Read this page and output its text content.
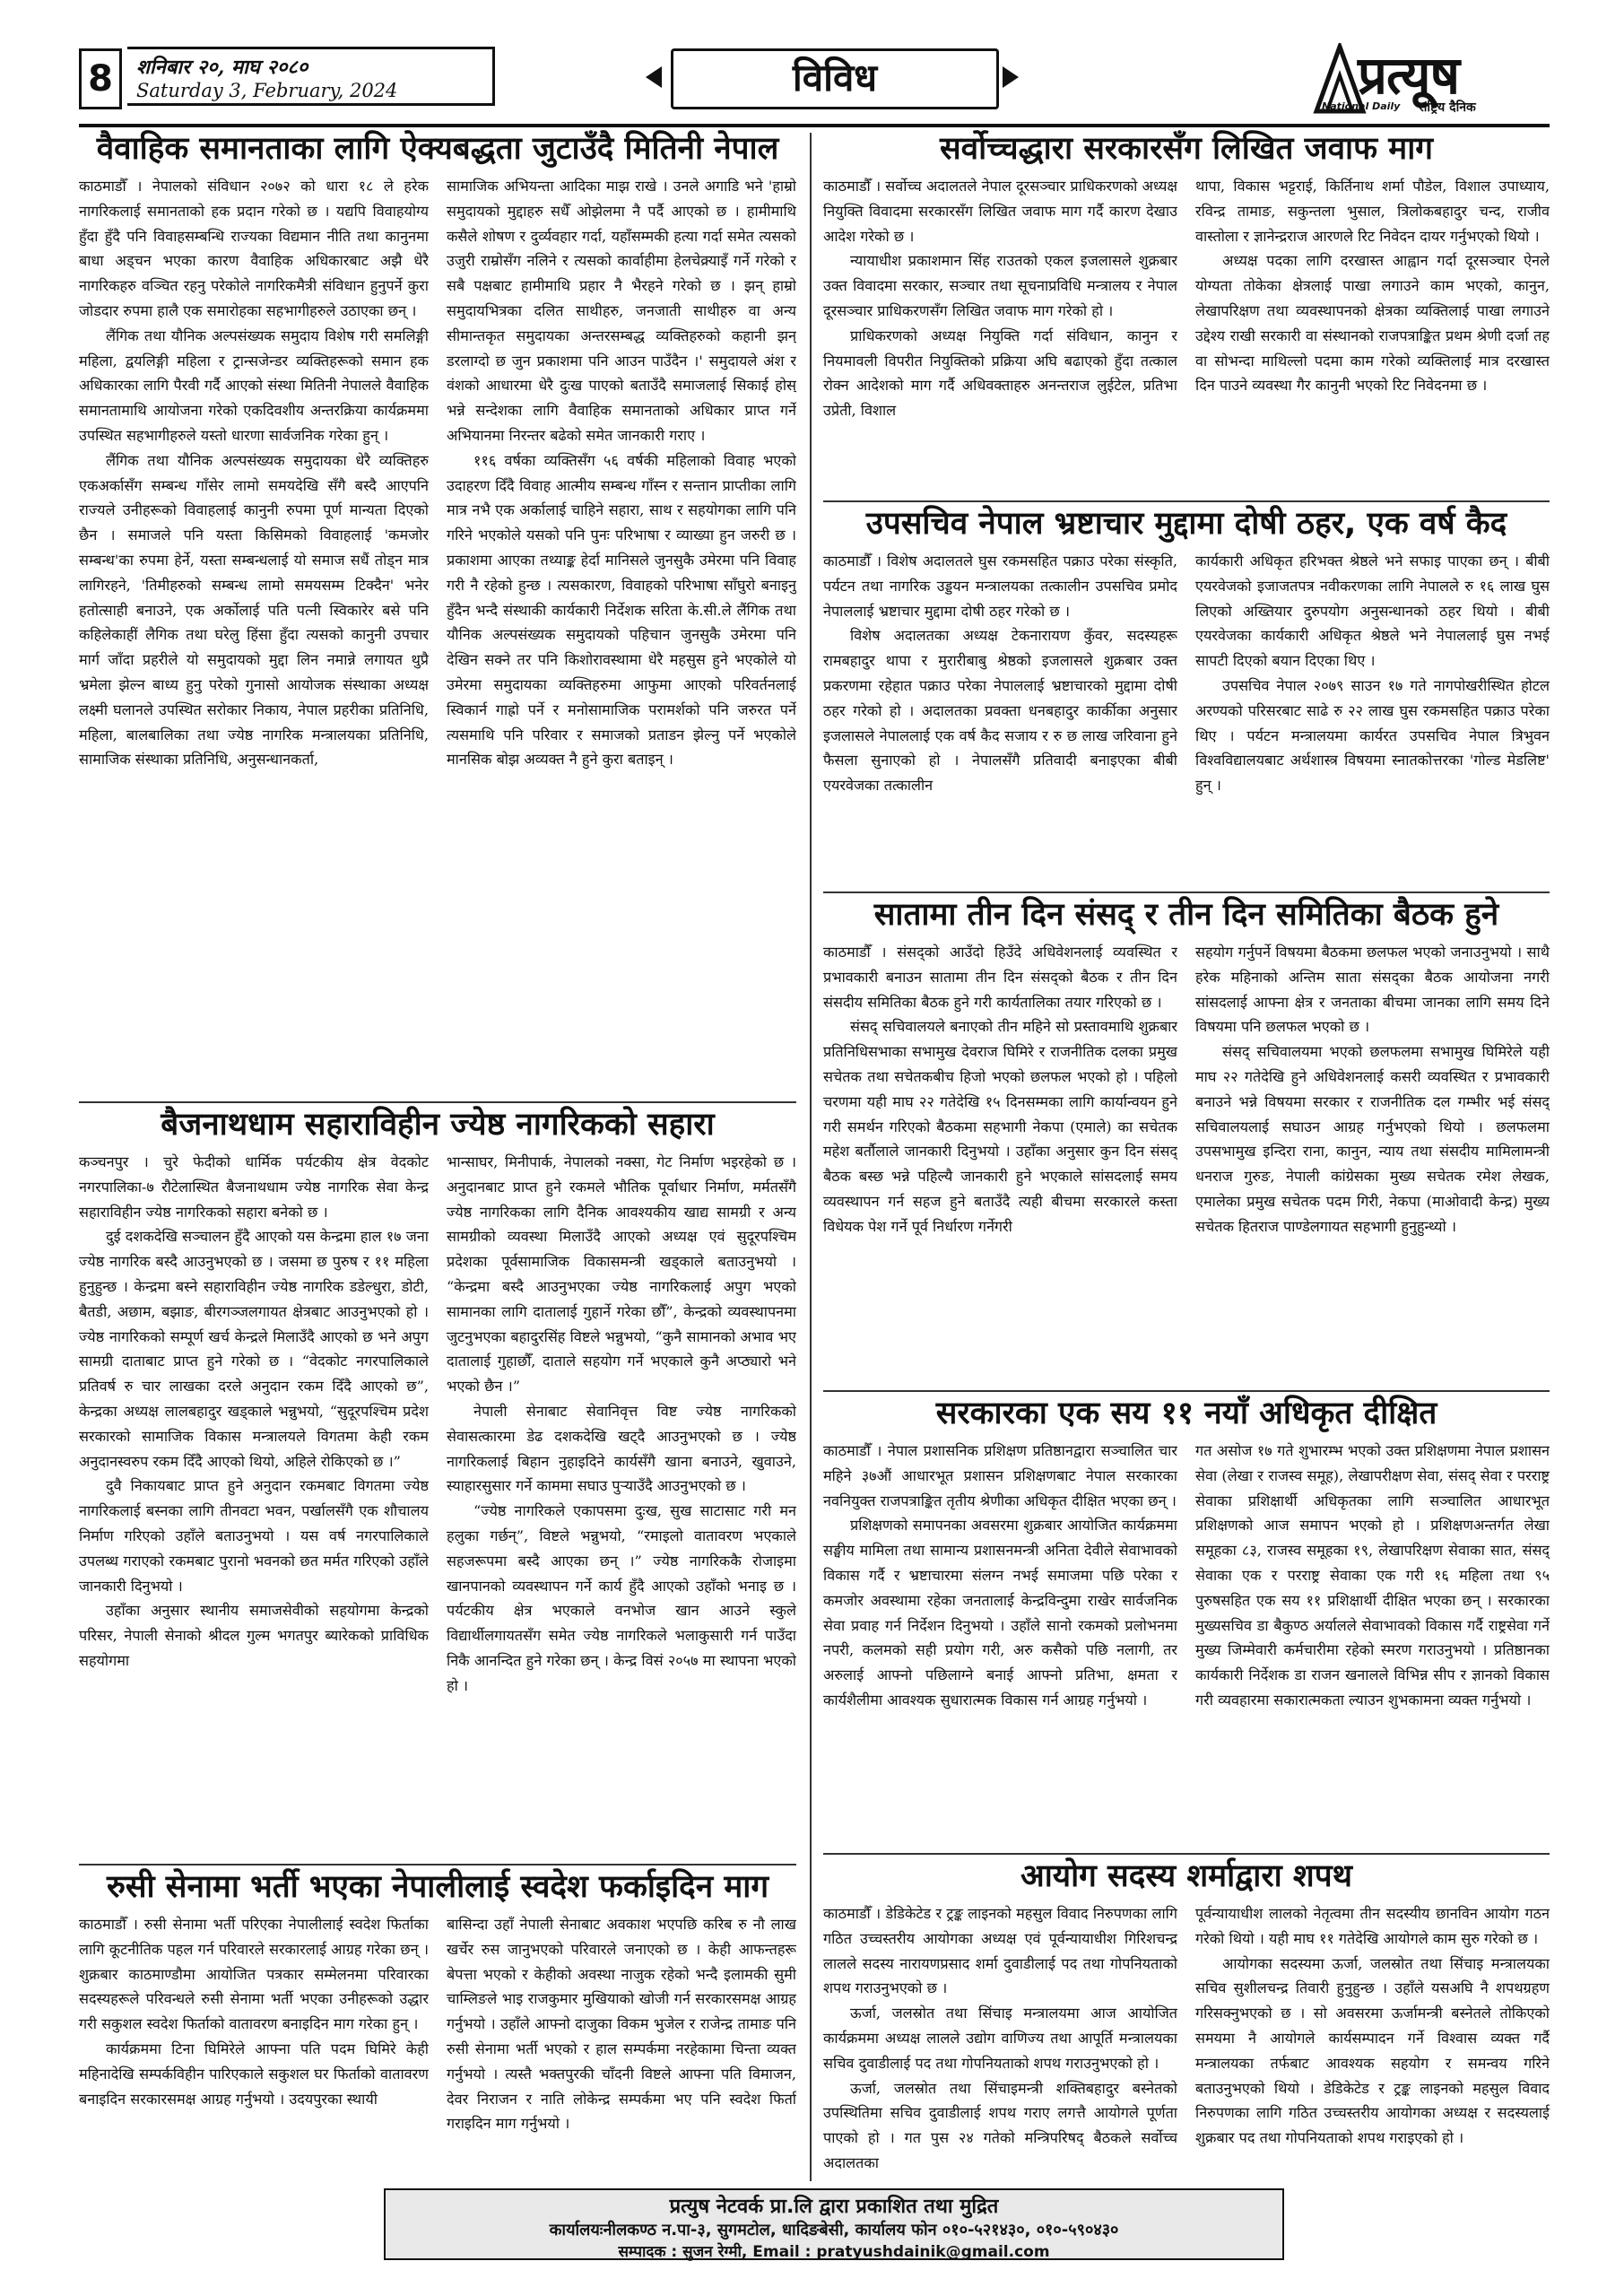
8	शनिबार २०, माघ २०८०
Saturday 3, February, 2024	विविध	प्रत्यूष
National Daily राष्ट्रिय दैनिक
वैवाहिक समानताका लागि ऐक्यबद्धता जुटाउँदै मितिनी नेपाल

काठमाडौँ । नेपालको संविधान २०७२ को धारा १८ ले हरेक नागरिकलाई समानताको हक प्रदान गरेको छ । यद्यपि विवाहयोग्य हुँदा हुँदै पनि विवाहसम्बन्धि राज्यका विद्यमान नीति तथा कानुनमा बाधा अड्चन भएका कारण वैवाहिक अधिकारबाट अझै धेरै नागरिकहरु वञ्चित रहनु परेकोले नागरिकमैत्री संविधान हुनुपर्ने कुरा जोडदार रुपमा हालै एक समारोहका सहभागीहरुले उठाएका छन् ।

लैंगिक तथा यौनिक अल्पसंख्यक समुदाय विशेष गरी समलिङ्गी महिला, द्वयलिङ्गी महिला र ट्रान्सजेन्डर व्यक्तिहरूको समान हक अधिकारका लागि पैरवी गर्दै आएको संस्था मितिनी नेपालले वैवाहिक समानतामाथि आयोजना गरेको एकदिवशीय अन्तरक्रिया कार्यक्रममा उपस्थित सहभागीहरुले यस्तो धारणा सार्वजनिक गरेका हुन् ।

लैंगिक तथा यौनिक अल्पसंख्यक समुदायका धेरै व्यक्तिहरु एकअर्कासँग सम्बन्ध गाँसेर लामो समयदेखि सँगै बस्दै आएपनि राज्यले उनीहरूको विवाहलाई कानुनी रुपमा पूर्ण मान्यता दिएको छैन । समाजले पनि यस्ता किसिमको विवाहलाई 'कमजोर सम्बन्ध'का रुपमा हेर्ने, यस्ता सम्बन्धलाई यो समाज सधैं तोड्न मात्र लागिरहने, 'तिमीहरुको सम्बन्ध लामो समयसम्म टिक्दैन' भनेर हतोत्साही बनाउने, एक अर्कोलाई पति पत्नी स्विकारेर बसे पनि कहिलेकाहीं लैगिक तथा घरेलु हिंसा हुँदा त्यसको कानुनी उपचार मार्ग जाँदा प्रहरीले यो समुदायको मुद्दा लिन नमान्ने लगायत थुप्रै भ्रमेला झेल्न बाध्य हुनु परेको गुनासो आयोजक संस्थाका अध्यक्ष लक्ष्मी घलानले उपस्थित सरोकार निकाय, नेपाल प्रहरीका प्रतिनिधि, महिला, बालबालिका तथा ज्येष्ठ नागरिक मन्त्रालयका प्रतिनिधि, सामाजिक संस्थाका प्रतिनिधि, अनुसन्धानकर्ता,

सामाजिक अभियन्ता आदिका माझ राखे । उनले अगाडि भने 'हाम्रो समुदायको मुद्दाहरु सधैँ ओझेलमा नै पर्दै आएको छ । हामीमाथि कसैले शोषण र दुर्व्यवहार गर्दा, यहाँसम्मकी हत्या गर्दा समेत त्यसको उजुरी राम्रोसँग नलिने र त्यसको कार्वाहीमा हेलचेक्र्याइँ गर्ने गरेको र सबै पक्षबाट हामीमाथि प्रहार नै भैरहने गरेको छ । झन् हाम्रो समुदायभित्रका दलित साथीहरु, जनजाती साथीहरु वा अन्य सीमान्तकृत समुदायका अन्तरसम्बद्ध व्यक्तिहरुको कहानी झन् डरलाग्दो छ जुन प्रकाशमा पनि आउन पाउँदैन ।' समुदायले अंश र वंशको आधारमा धेरै दुःख पाएको बताउँदै समाजलाई सिकाई होस् भन्ने सन्देशका लागि वैवाहिक समानताको अधिकार प्राप्त गर्ने अभियानमा निरन्तर बढेको समेत जानकारी गराए ।

११६ वर्षका व्यक्तिसँग ५६ वर्षकी महिलाको विवाह भएको उदाहरण दिँदै विवाह आत्मीय सम्बन्ध गाँस्न र सन्तान प्राप्तीका लागि मात्र नभै एक अर्कालाई चाहिने सहारा, साथ र सहयोगका लागि पनि गरिने भएकोले यसको पनि पुनः परिभाषा र व्याख्या हुन जरुरी छ । प्रकाशमा आएका तथ्याङ्क हेर्दा मानिसले जुनसुकै उमेरमा पनि विवाह गरी नै रहेको हुन्छ । त्यसकारण, विवाहको परिभाषा साँघुरो बनाइनु हुँदैन भन्दै संस्थाकी कार्यकारी निर्देशक सरिता के.सी.ले लैंगिक तथा यौनिक अल्पसंख्यक समुदायको पहिचान जुनसुकै उमेरमा पनि देखिन सक्ने तर पनि किशोरावस्थामा धेरै महसुस हुने भएकोले यो उमेरमा समुदायका व्यक्तिहरुमा आफुमा आएको परिवर्तनलाई स्विकार्न गाह्रो पर्ने र मनोसामाजिक परामर्शको पनि जरुरत पर्ने त्यसमाथि पनि परिवार र समाजको प्रताडन झेल्नु पर्ने भएकोले मानसिक बोझ अव्यक्त नै हुने कुरा बताइन् ।

बैजनाथधाम सहाराविहीन ज्येष्ठ नागरिकको सहारा

कञ्चनपुर । चुरे फेदीको धार्मिक पर्यटकीय क्षेत्र वेदकोट नगरपालिका-७ रौटेलास्थित बैजनाथधाम ज्येष्ठ नागरिक सेवा केन्द्र सहाराविहीन ज्येष्ठ नागरिकको सहारा बनेको छ ।

दुई दशकदेखि सञ्चालन हुँदै आएको यस केन्द्रमा हाल १७ जना ज्येष्ठ नागरिक बस्दै आउनुभएको छ । जसमा छ पुरुष र ११ महिला हुनुहुन्छ । केन्द्रमा बस्ने सहाराविहीन ज्येष्ठ नागरिक डडेल्धुरा, डोटी, बैतडी, अछाम, बझाङ, बीरगञ्जलगायत क्षेत्रबाट आउनुभएको हो । ज्येष्ठ नागरिकको सम्पूर्ण खर्च केन्द्रले मिलाउँदै आएको छ भने अपुग सामग्री दाताबाट प्राप्त हुने गरेको छ । “वेदकोट नगरपालिकाले प्रतिवर्ष रु चार लाखका दरले अनुदान रकम दिँदै आएको छ”, केन्द्रका अध्यक्ष लालबहादुर खड्काले भन्नुभयो, “सुदूरपश्चिम प्रदेश सरकारको सामाजिक विकास मन्त्रालयले विगतमा केही रकम अनुदानस्वरुप रकम दिँदै आएको थियो, अहिले रोकिएको छ ।”

दुवै निकायबाट प्राप्त हुने अनुदान रकमबाट विगतमा ज्येष्ठ नागरिकलाई बस्नका लागि तीनवटा भवन, पर्खालसँगै एक शौचालय निर्माण गरिएको उहाँले बताउनुभयो । यस वर्ष नगरपालिकाले उपलब्ध गराएको रकमबाट पुरानो भवनको छत मर्मत गरिएको उहाँले जानकारी दिनुभयो ।

उहाँका अनुसार स्थानीय समाजसेवीको सहयोगमा केन्द्रको परिसर, नेपाली सेनाको श्रीदल गुल्म भगतपुर ब्यारेकको प्राविधिक सहयोगमा

भान्साघर, मिनीपार्क, नेपालको नक्सा, गेट निर्माण भइरहेको छ । अनुदानबाट प्राप्त हुने रकमले भौतिक पूर्वाधार निर्माण, मर्मतसँगै ज्येष्ठ नागरिकका लागि दैनिक आवश्यकीय खाद्य सामग्री र अन्य सामग्रीको व्यवस्था मिलाउँदै आएको अध्यक्ष एवं सुदूरपश्चिम प्रदेशका पूर्वसामाजिक विकासमन्त्री खड्काले बताउनुभयो । “केन्द्रमा बस्दै आउनुभएका ज्येष्ठ नागरिकलाई अपुग भएको सामानका लागि दातालाई गुहार्ने गरेका छौँ”, केन्द्रको व्यवस्थापनमा जुटनुभएका बहादुरसिंह विष्टले भन्नुभयो, “कुनै सामानको अभाव भए दातालाई गुहाछौँ, दाताले सहयोग गर्ने भएकाले कुनै अप्ठ्यारो भने भएको छैन ।”

नेपाली सेनाबाट सेवानिवृत्त विष्ट ज्येष्ठ नागरिकको सेवासत्कारमा डेढ दशकदेखि खट्दै आउनुभएको छ । ज्येष्ठ नागरिकलाई बिहान नुहाइदिने कार्यसँगै खाना बनाउने, खुवाउने, स्याहारसुसार गर्ने काममा सघाउ पुर्‍याउँदै आउनुभएको छ ।

“ज्येष्ठ नागरिकले एकापसमा दुःख, सुख साटासाट गरी मन हलुका गर्छन्”, विष्टले भन्नुभयो, “रमाइलो वातावरण भएकाले सहजरूपमा बस्दै आएका छन् ।” ज्येष्ठ नागरिककै रोजाइमा खानपानको व्यवस्थापन गर्ने कार्य हुँदै आएको उहाँको भनाइ छ । पर्यटकीय क्षेत्र भएकाले वनभोज खान आउने स्कुले विद्यार्थीलगायतसँग समेत ज्येष्ठ नागरिकले भलाकुसारी गर्न पाउँदा निकै आनन्दित हुने गरेका छन् । केन्द्र विसं २०५७ मा स्थापना भएको हो ।

रुसी सेनामा भर्ती भएका नेपालीलाई स्वदेश फर्काइदिन माग

काठमाडौँ । रुसी सेनामा भर्ती परिएका नेपालीलाई स्वदेश फिर्ताका लागि कूटनीतिक पहल गर्न परिवारले सरकारलाई आग्रह गरेका छन् । शुक्रबार काठमाण्डौमा आयोजित पत्रकार सम्मेलनमा परिवारका सदस्यहरूले परिवन्धले रुसी सेनामा भर्ती भएका उनीहरूको उद्धार गरी सकुशल स्वदेश फिर्ताको वातावरण बनाइदिन माग गरेका हुन् ।

कार्यक्रममा टिना घिमिरेले आफ्ना पति पदम घिमिरे केही महिनादेखि सम्पर्कविहीन पारिएकाले सकुशल घर फिर्ताको वातावरण बनाइदिन सरकारसमक्ष आग्रह गर्नुभयो । उदयपुरका स्थायी

बासिन्दा उहाँ नेपाली सेनाबाट अवकाश भएपछि करिब रु नौ लाख खर्चेर रुस जानुभएको परिवारले जनाएको छ । केही आफन्तहरू बेपत्ता भएको र केहीको अवस्था नाजुक रहेको भन्दै इलामकी सुमी चाम्लिङले भाइ राजकुमार मुखियाको खोजी गर्न सरकारसमक्ष आग्रह गर्नुभयो । उहाँले आफ्नो दाजुका विकम भुजेल र राजेन्द्र तामाङ पनि रुसी सेनामा भर्ती भएको र हाल सम्पर्कमा नरहेकामा चिन्ता व्यक्त गर्नुभयो । त्यस्तै भक्तपुरकी चाँदनी विष्टले आफ्ना पति विमाजन, देवर निराजन र नाति लोकेन्द्र सम्पर्कमा भए पनि स्वदेश फिर्ता गराइदिन माग गर्नुभयो ।

सर्वोच्चद्धारा सरकारसँग लिखित जवाफ माग

काठमाडौँ । सर्वोच्च अदालतले नेपाल दूरसञ्चार प्राधिकरणको अध्यक्ष नियुक्ति विवादमा सरकारसँग लिखित जवाफ माग गर्दै कारण देखाउ आदेश गरेको छ ।

न्यायाधीश प्रकाशमान सिंह राउतको एकल इजलासले शुक्रबार उक्त विवादमा सरकार, सञ्चार तथा सूचनाप्रविधि मन्त्रालय र नेपाल दूरसञ्चार प्राधिकरणसँग लिखित जवाफ माग गरेको हो ।

प्राधिकरणको अध्यक्ष नियुक्ति गर्दा संविधान, कानुन र नियमावली विपरीत नियुक्तिको प्रक्रिया अघि बढाएको हुँदा तत्काल रोक्न आदेशको माग गर्दै अधिवक्ताहरु अनन्तराज लुईटेल, प्रतिभा उप्रेती, विशाल

थापा, विकास भट्टराई, किर्तिनाथ शर्मा पौडेल, विशाल उपाध्याय, रविन्द्र तामाङ, सकुन्तला भुसाल, त्रिलोकबहादुर चन्द, राजीव वास्तोला र ज्ञानेन्द्रराज आरणले रिट निवेदन दायर गर्नुभएको थियो ।

अध्यक्ष पदका लागि दरखास्त आह्वान गर्दा दूरसञ्चार ऐनले योग्यता तोकेका क्षेत्रलाई पाखा लगाउने काम भएको, कानुन, लेखापरिक्षण तथा व्यवस्थापनको क्षेत्रका व्यक्तिलाई पाखा लगाउने उद्देश्य राखी सरकारी वा संस्थानको राजपत्राङ्कित प्रथम श्रेणी दर्जा तह वा सोभन्दा माथिल्लो पदमा काम गरेको व्यक्तिलाई मात्र दरखास्त दिन पाउने व्यवस्था गैर कानुनी भएको रिट निवेदनमा छ ।

उपसचिव नेपाल भ्रष्टाचार मुद्दामा दोषी ठहर, एक वर्ष कैद

काठमाडौँ । विशेष अदालतले घुस रकमसहित पक्राउ परेका संस्कृति, पर्यटन तथा नागरिक उड्डयन मन्त्रालयका तत्कालीन उपसचिव प्रमोद नेपाललाई भ्रष्टाचार मुद्दामा दोषी ठहर गरेको छ ।

विशेष अदालतका अध्यक्ष टेकनारायण कुँवर, सदस्यहरू रामबहादुर थापा र मुरारीबाबु श्रेष्ठको इजलासले शुक्रबार उक्त प्रकरणमा रहेहात पक्राउ परेका नेपाललाई भ्रष्टाचारको मुद्दामा दोषी ठहर गरेको हो । अदालतका प्रवक्ता धनबहादुर कार्कीका अनुसार इजलासले नेपाललाई एक वर्ष कैद सजाय र रु छ लाख जरिवाना हुने फैसला सुनाएको हो । नेपालसँगै प्रतिवादी बनाइएका बीबी एयरवेजका तत्कालीन

कार्यकारी अधिकृत हरिभक्त श्रेष्ठले भने सफाइ पाएका छन् । बीबी एयरवेजको इजाजतपत्र नवीकरणका लागि नेपालले रु १६ लाख घुस लिएको अख्तियार दुरुपयोग अनुसन्धानको ठहर थियो । बीबी एयरवेजका कार्यकारी अधिकृत श्रेष्ठले भने नेपाललाई घुस नभई सापटी दिएको बयान दिएका थिए ।

उपसचिव नेपाल २०७९ साउन १७ गते नागपोखरीस्थित होटल अरण्यको परिसरबाट साढे रु २२ लाख घुस रकमसहित पक्राउ परेका थिए । पर्यटन मन्त्रालयमा कार्यरत उपसचिव नेपाल त्रिभुवन विश्वविद्यालयबाट अर्थशास्त्र विषयमा स्नातकोत्तरका 'गोल्ड मेडलिष्ट' हुन् ।

सातामा तीन दिन संसद् र तीन दिन समितिका बैठक हुने

काठमाडौँ । संसद्को आउँदो हिउँदे अधिवेशनलाई व्यवस्थित र प्रभावकारी बनाउन सातामा तीन दिन संसद्को बैठक र तीन दिन संसदीय समितिका बैठक हुने गरी कार्यतालिका तयार गरिएको छ ।

संसद् सचिवालयले बनाएको तीन महिने सो प्रस्तावमाथि शुक्रबार प्रतिनिधिसभाका सभामुख देवराज घिमिरे र राजनीतिक दलका प्रमुख सचेतक तथा सचेतकबीच हिजो भएको छलफल भएको हो । पहिलो चरणमा यही माघ २२ गतेदेखि १५ दिनसम्मका लागि कार्यान्वयन हुने गरी समर्थन गरिएको बैठकमा सहभागी नेकपा (एमाले) का सचेतक महेश बर्तौलाले जानकारी दिनुभयो । उहाँका अनुसार कुन दिन संसद् बैठक बस्छ भन्ने पहिल्यै जानकारी हुने भएकाले सांसदलाई समय व्यवस्थापन गर्न सहज हुने बताउँदै त्यही बीचमा सरकारले कस्ता विधेयक पेश गर्ने पूर्व निर्धारण गर्नेगरी

सहयोग गर्नुपर्ने विषयमा बैठकमा छलफल भएको जनाउनुभयो । साथै हरेक महिनाको अन्तिम साता संसद्का बैठक आयोजना नगरी सांसदलाई आफ्ना क्षेत्र र जनताका बीचमा जानका लागि समय दिने विषयमा पनि छलफल भएको छ ।

संसद् सचिवालयमा भएको छलफलमा सभामुख घिमिरेले यही माघ २२ गतेदेखि हुने अधिवेशनलाई कसरी व्यवस्थित र प्रभावकारी बनाउने भन्ने विषयमा सरकार र राजनीतिक दल गम्भीर भई संसद् सचिवालयलाई सघाउन आग्रह गर्नुभएको थियो । छलफलमा उपसभामुख इन्दिरा राना, कानुन, न्याय तथा संसदीय मामिलामन्त्री धनराज गुरुङ, नेपाली कांग्रेसका मुख्य सचेतक रमेश लेखक, एमालेका प्रमुख सचेतक पदम गिरी, नेकपा (माओवादी केन्द्र) मुख्य सचेतक हितराज पाण्डेलगायत सहभागी हुनुहुन्थ्यो ।

सरकारका एक सय ११ नयाँ अधिकृत दीक्षित

काठमाडौँ । नेपाल प्रशासनिक प्रशिक्षण प्रतिष्ठानद्वारा सञ्चालित चार महिने ३७औं आधारभूत प्रशासन प्रशिक्षणबाट नेपाल सरकारका नवनियुक्त राजपत्राङ्कित तृतीय श्रेणीका अधिकृत दीक्षित भएका छन् ।

प्रशिक्षणको समापनका अवसरमा शुक्रबार आयोजित कार्यक्रममा सङ्घीय मामिला तथा सामान्य प्रशासनमन्त्री अनिता देवीले सेवाभावको विकास गर्दै र भ्रष्टाचारमा संलग्न नभई समाजमा पछि परेका र कमजोर अवस्थामा रहेका जनतालाई केन्द्रविन्दुमा राखेर सार्वजनिक सेवा प्रवाह गर्न निर्देशन दिनुभयो । उहाँले सानो रकमको प्रलोभनमा नपरी, कलमको सही प्रयोग गरी, अरु कसैको पछि नलागी, तर अरुलाई आफ्नो पछिलाग्ने बनाई आफ्नो प्रतिभा, क्षमता र कार्यशैलीमा आवश्यक सुधारात्मक विकास गर्न आग्रह गर्नुभयो ।

गत असोज १७ गते शुभारम्भ भएको उक्त प्रशिक्षणमा नेपाल प्रशासन सेवा (लेखा र राजस्व समूह), लेखापरीक्षण सेवा, संसद् सेवा र परराष्ट्र सेवाका प्रशिक्षार्थी अधिकृतका लागि सञ्चालित आधारभूत प्रशिक्षणको आज समापन भएको हो । प्रशिक्षणअन्तर्गत लेखा समूहका ८३, राजस्व समूहका १९, लेखापरिक्षण सेवाका सात, संसद् सेवाका एक र परराष्ट्र सेवाका एक गरी १६ महिला तथा ९५ पुरुषसहित एक सय ११ प्रशिक्षार्थी दीक्षित भएका छन् । सरकारका मुख्यसचिव डा बैकुण्ठ अर्यालले सेवाभावको विकास गर्दै राष्ट्रसेवा गर्ने मुख्य जिम्मेवारी कर्मचारीमा रहेको स्मरण गराउनुभयो । प्रतिष्ठानका कार्यकारी निर्देशक डा राजन खनालले विभिन्न सीप र ज्ञानको विकास गरी व्यवहारमा सकारात्मकता ल्याउन शुभकामना व्यक्त गर्नुभयो ।

आयोग सदस्य शर्माद्वारा शपथ

काठमाडौँ । डेडिकेटेड र ट्रङ्क लाइनको महसुल विवाद निरुपणका लागि गठित उच्चस्तरीय आयोगका अध्यक्ष एवं पूर्वन्यायाधीश गिरिशचन्द्र लालले सदस्य नारायणप्रसाद शर्मा दुवाडीलाई पद तथा गोपनियताको शपथ गराउनुभएको छ ।

ऊर्जा, जलस्रोत तथा सिंचाइ मन्त्रालयमा आज आयोजित कार्यक्रममा अध्यक्ष लालले उद्योग वाणिज्य तथा आपूर्ति मन्त्रालयका सचिव दुवाडीलाई पद तथा गोपनियताको शपथ गराउनुभएको हो ।

ऊर्जा, जलस्रोत तथा सिंचाइमन्त्री शक्तिबहादुर बस्नेतको उपस्थितिमा सचिव दुवाडीलाई शपथ गराए लगत्तै आयोगले पूर्णता पाएको हो । गत पुस २४ गतेको मन्त्रिपरिषद् बैठकले सर्वोच्च अदालतका

पूर्वन्यायाधीश लालको नेतृत्वमा तीन सदस्यीय छानविन आयोग गठन गरेको थियो । यही माघ ११ गतेदेखि आयोगले काम सुरु गरेको छ ।

आयोगका सदस्यमा ऊर्जा, जलस्रोत तथा सिंचाइ मन्त्रालयका सचिव सुशीलचन्द्र तिवारी हुनुहुन्छ । उहाँले यसअघि नै शपथग्रहण गरिसक्नुभएको छ । सो अवसरमा ऊर्जामन्त्री बस्नेतले तोकिएको समयमा नै आयोगले कार्यसम्पादन गर्ने विश्वास व्यक्त गर्दै मन्त्रालयका तर्फबाट आवश्यक सहयोग र समन्वय गरिने बताउनुभएको थियो । डेडिकेटेड र ट्रङ्क लाइनको महसुल विवाद निरुपणका लागि गठित उच्चस्तरीय आयोगका अध्यक्ष र सदस्यलाई शुक्रबार पद तथा गोपनियताको शपथ गराइएको हो ।

प्रत्युष नेटवर्क प्रा.लि द्वारा प्रकाशित तथा मुद्रित
कार्यालयःनीलकण्ठ न.पा-३, सुगमटोल, धादिङबेसी, कार्यालय फोन ०१०-५२१४३०, ०१०-५९०४३०
सम्पादक : सुजन रेग्मी, Email : pratyushdainik@gmail.com
